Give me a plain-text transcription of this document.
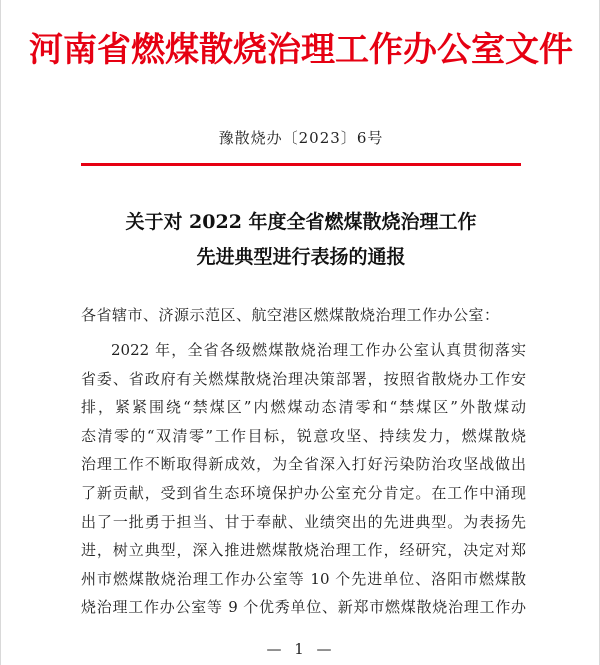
河南省燃煤散烧治理工作办公室文件
豫散烧办〔2023〕6号
关于对 2022 年度全省燃煤散烧治理工作
先进典型进行表扬的通报
各省辖市、济源示范区、航空港区燃煤散烧治理工作办公室：
2022 年，全省各级燃煤散烧治理工作办公室认真贯彻落实
省委、省政府有关燃煤散烧治理决策部署，按照省散烧办工作安
排，紧紧围绕“禁煤区”内燃煤动态清零和“禁煤区”外散煤动
态清零的“双清零”工作目标，锐意攻坚、持续发力，燃煤散烧
治理工作不断取得新成效，为全省深入打好污染防治攻坚战做出
了新贡献，受到省生态环境保护办公室充分肯定。在工作中涌现
出了一批勇于担当、甘于奉献、业绩突出的先进典型。为表扬先
进，树立典型，深入推进燃煤散烧治理工作，经研究，决定对郑
州市燃煤散烧治理工作办公室等 10 个先进单位、洛阳市燃煤散
烧治理工作办公室等 9 个优秀单位、新郑市燃煤散烧治理工作办
— 1 —
